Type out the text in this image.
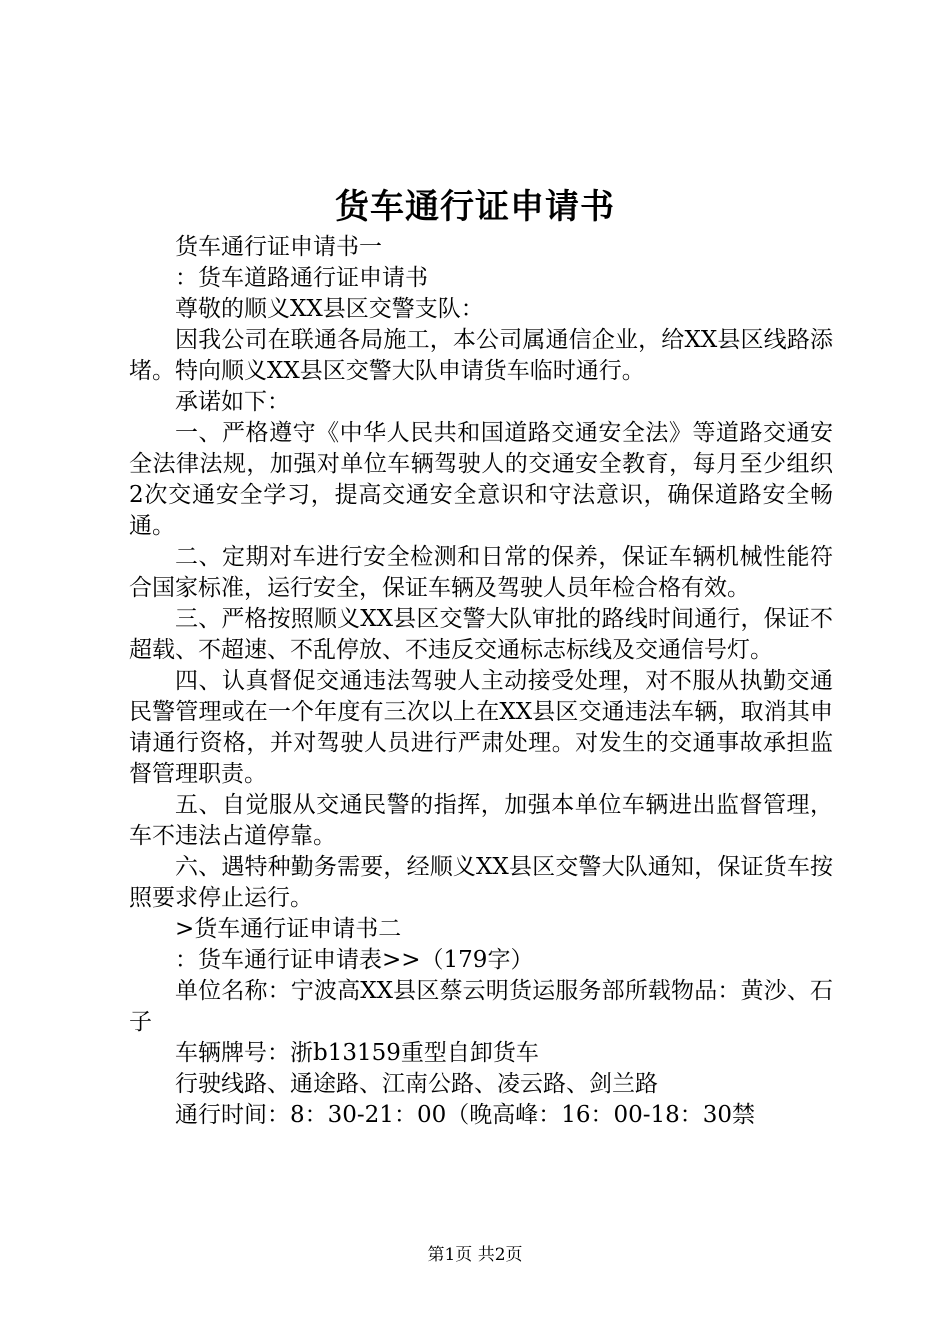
货车通行证申请书

货车通行证申请书一

：货车道路通行证申请书

尊敬的顺义XX县区交警支队：

因我公司在联通各局施工，本公司属通信企业，给XX县区线路添堵。特向顺义XX县区交警大队申请货车临时通行。

承诺如下：

一、严格遵守《中华人民共和国道路交通安全法》等道路交通安全法律法规，加强对单位车辆驾驶人的交通安全教育，每月至少组织2次交通安全学习，提高交通安全意识和守法意识，确保道路安全畅通。

二、定期对车进行安全检测和日常的保养，保证车辆机械性能符合国家标准，运行安全，保证车辆及驾驶人员年检合格有效。

三、严格按照顺义XX县区交警大队审批的路线时间通行，保证不超载、不超速、不乱停放、不违反交通标志标线及交通信号灯。

四、认真督促交通违法驾驶人主动接受处理，对不服从执勤交通民警管理或在一个年度有三次以上在XX县区交通违法车辆，取消其申请通行资格，并对驾驶人员进行严肃处理。对发生的交通事故承担监督管理职责。

五、自觉服从交通民警的指挥，加强本单位车辆进出监督管理，车不违法占道停靠。

六、遇特种勤务需要，经顺义XX县区交警大队通知，保证货车按照要求停止运行。

>货车通行证申请书二

：货车通行证申请表>>（179字）

单位名称：宁波高XX县区蔡云明货运服务部所载物品：黄沙、石子

车辆牌号：浙b13159重型自卸货车

行驶线路、通途路、江南公路、凌云路、剑兰路

通行时间：8：30-21：00（晚高峰：16：00-18：30禁

第1页 共2页
